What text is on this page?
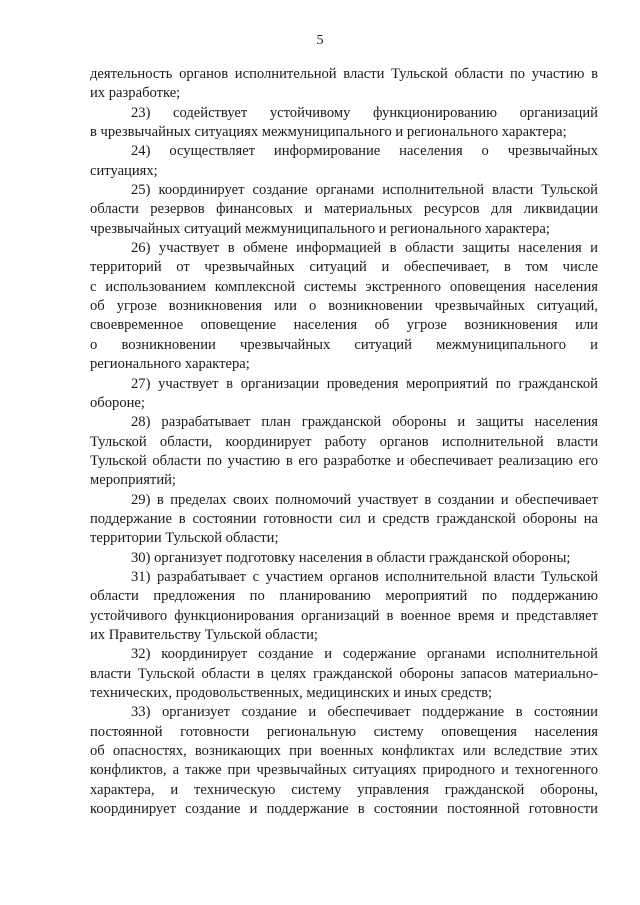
5
деятельность органов исполнительной власти Тульской области по участию в
их разработке;
23) содействует устойчивому функционированию организаций
в чрезвычайных ситуациях межмуниципального и регионального характера;
24) осуществляет информирование населения о чрезвычайных
ситуациях;
25) координирует создание органами исполнительной власти Тульской
области резервов финансовых и материальных ресурсов для ликвидации
чрезвычайных ситуаций межмуниципального и регионального характера;
26) участвует в обмене информацией в области защиты населения и
территорий от чрезвычайных ситуаций и обеспечивает, в том числе
с использованием комплексной системы экстренного оповещения населения
об угрозе возникновения или о возникновении чрезвычайных ситуаций,
своевременное оповещение населения об угрозе возникновения или
о возникновении чрезвычайных ситуаций межмуниципального и
регионального характера;
27) участвует в организации проведения мероприятий по гражданской
обороне;
28) разрабатывает план гражданской обороны и защиты населения
Тульской области, координирует работу органов исполнительной власти
Тульской области по участию в его разработке и обеспечивает реализацию его
мероприятий;
29) в пределах своих полномочий участвует в создании и обеспечивает
поддержание в состоянии готовности сил и средств гражданской обороны на
территории Тульской области;
30) организует подготовку населения в области гражданской обороны;
31) разрабатывает с участием органов исполнительной власти Тульской
области предложения по планированию мероприятий по поддержанию
устойчивого функционирования организаций в военное время и представляет
их Правительству Тульской области;
32) координирует создание и содержание органами исполнительной
власти Тульской области в целях гражданской обороны запасов материально-
технических, продовольственных, медицинских и иных средств;
33) организует создание и обеспечивает поддержание в состоянии
постоянной готовности региональную систему оповещения населения
об опасностях, возникающих при военных конфликтах или вследствие этих
конфликтов, а также при чрезвычайных ситуациях природного и техногенного
характера, и техническую систему управления гражданской обороны,
координирует создание и поддержание в состоянии постоянной готовности
